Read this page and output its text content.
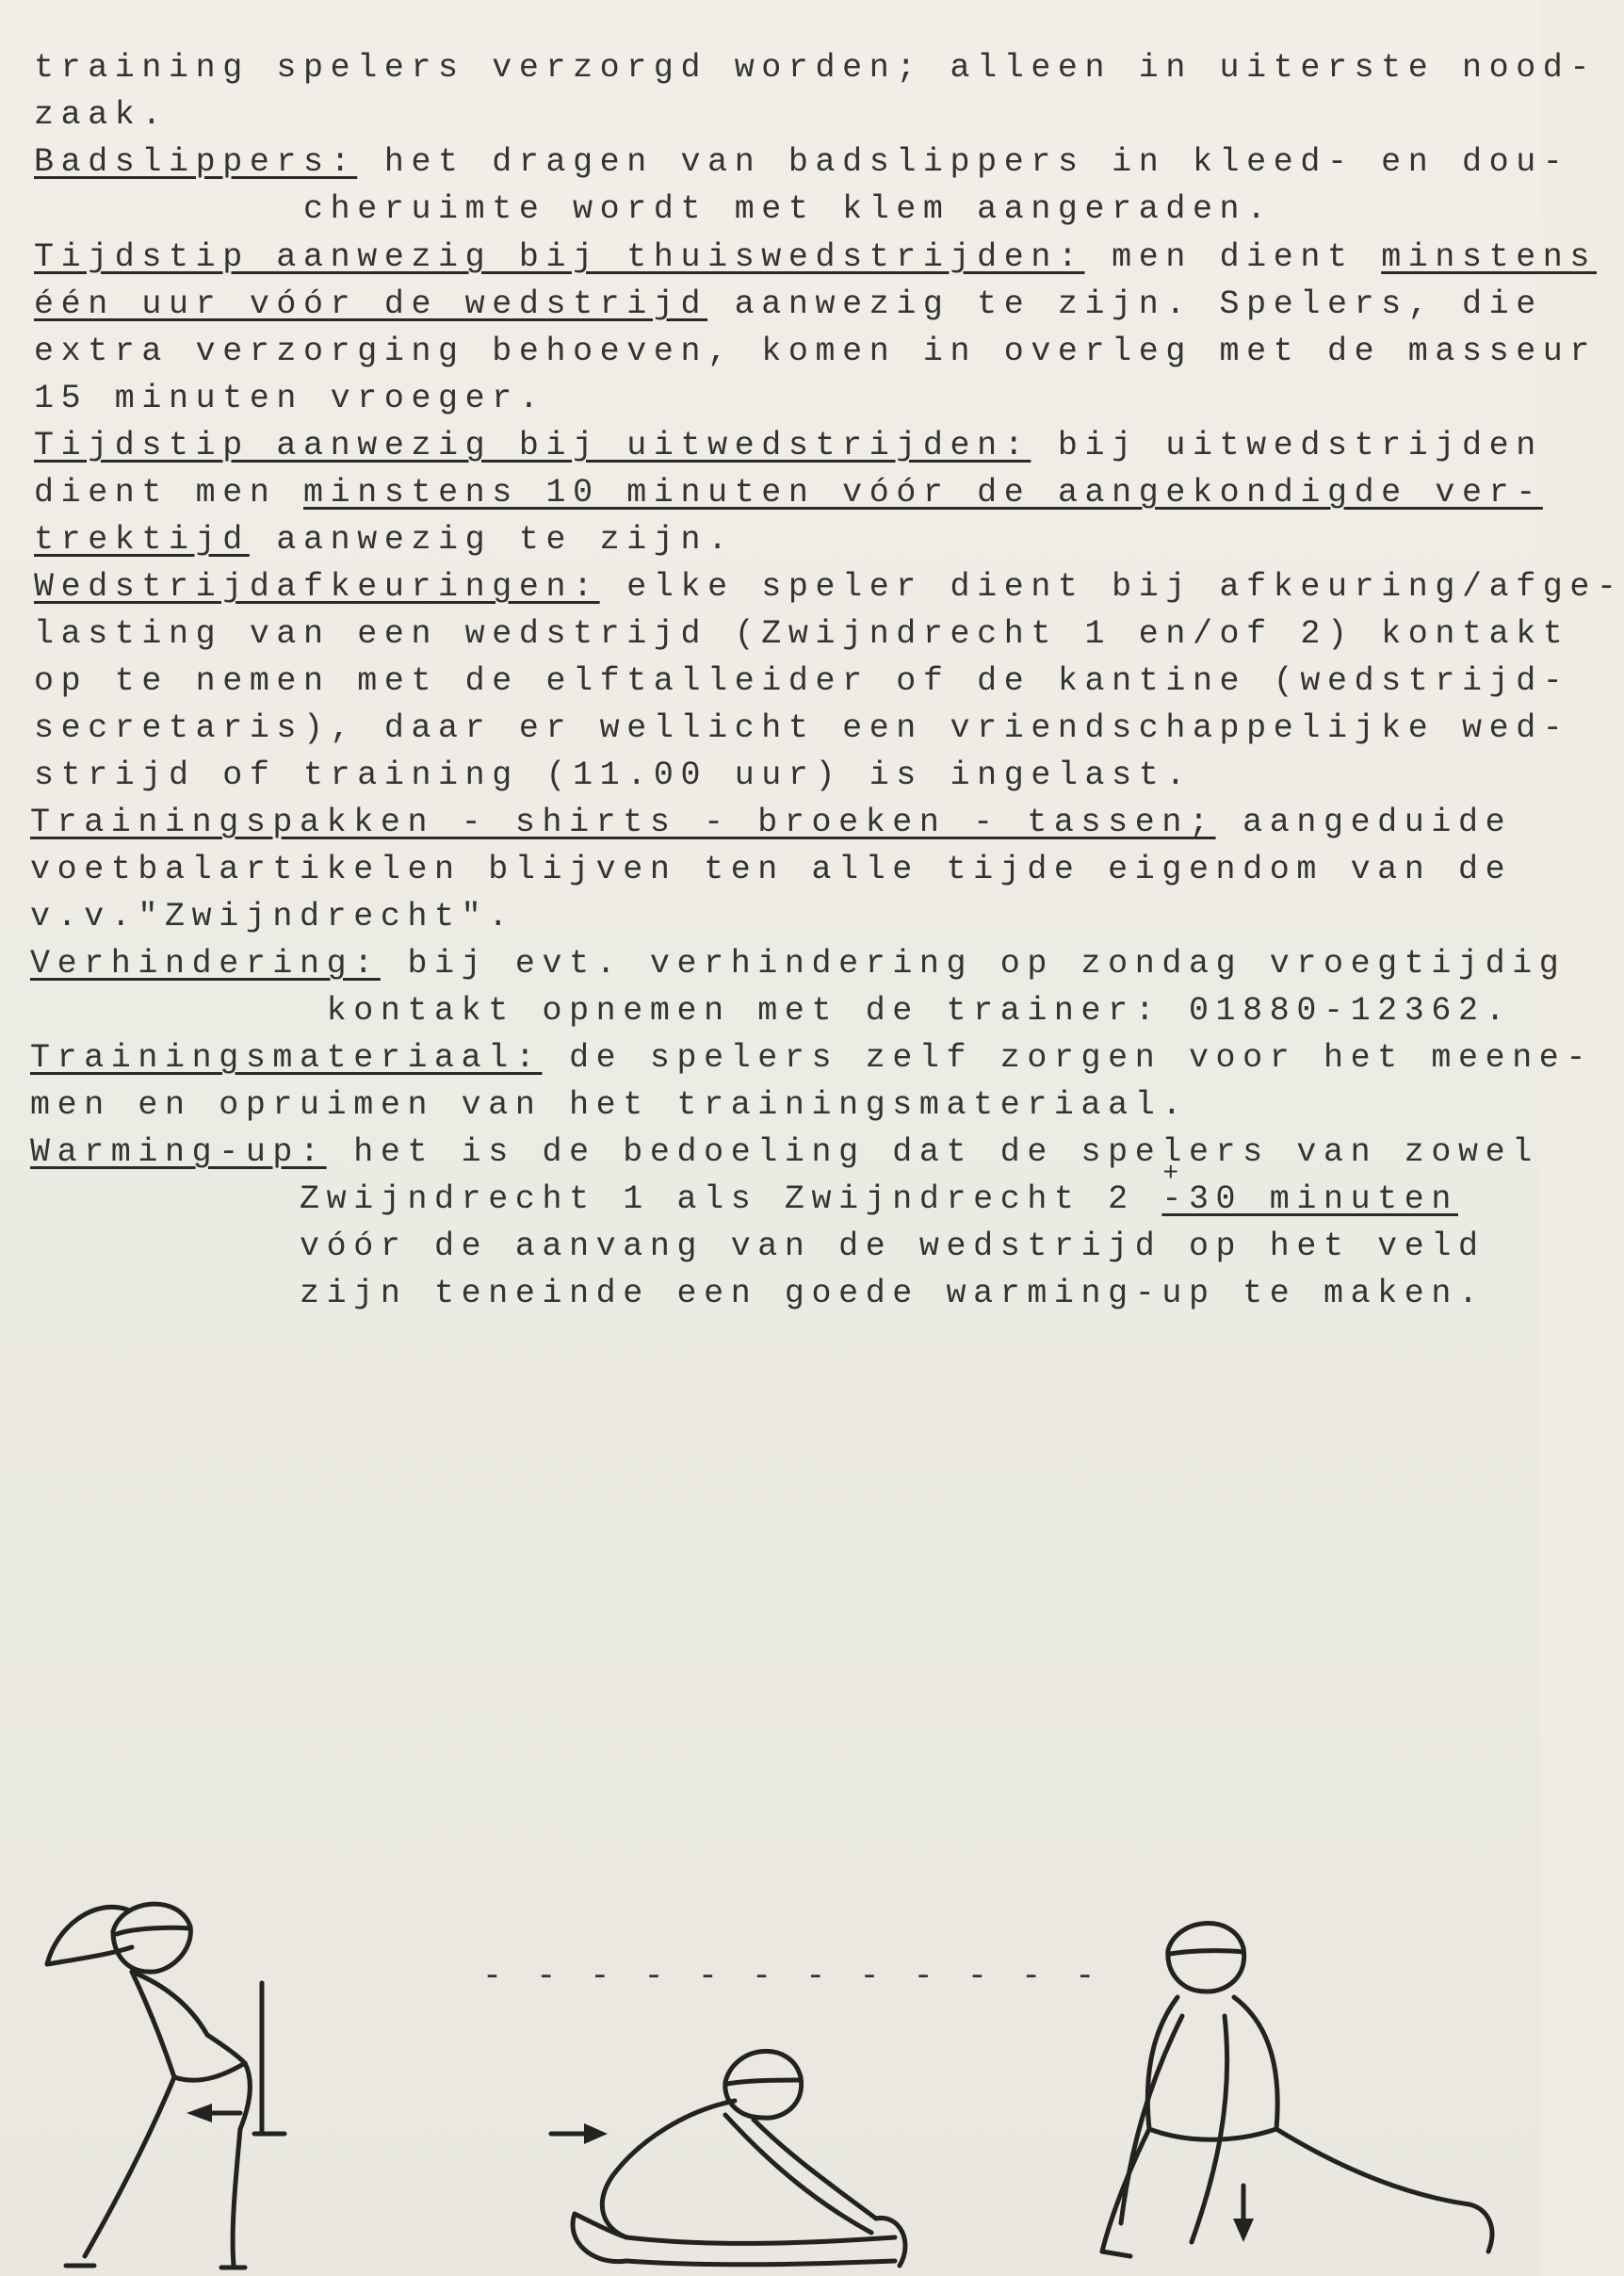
training spelers verzorgd worden; alleen in uiterste nood-
zaak.
Badslippers: het dragen van badslippers in kleed- en dou-
cheruimte wordt met klem aangeraden.
Tijdstip aanwezig bij thuiswedstrijden: men dient minstens
één uur vóór de wedstrijd aanwezig te zijn. Spelers, die
extra verzorging behoeven, komen in overleg met de masseur
15 minuten vroeger.
Tijdstip aanwezig bij uitwedstrijden: bij uitwedstrijden
dient men minstens 10 minuten vóór de aangekondigde ver-
trektijd aanwezig te zijn.
Wedstrijdafkeuringen: elke speler dient bij afkeuring/afge-
lasting van een wedstrijd (Zwijndrecht 1 en/of 2) kontakt
op te nemen met de elftalleider of de kantine (wedstrijd-
secretaris), daar er wellicht een vriendschappelijke wed-
strijd of training (11.00 uur) is ingelast.
Trainingspakken - shirts - broeken - tassen; aangeduide
voetbalartikelen blijven ten alle tijde eigendom van de
v.v."Zwijndrecht".
Verhindering: bij evt. verhindering op zondag vroegtijdig
kontakt opnemen met de trainer: 01880-12362.
Trainingsmateriaal: de spelers zelf zorgen voor het meene-
men en opruimen van het trainingsmateriaal.
Warming-up: het is de bedoeling dat de spelers van zowel
Zwijndrecht 1 als Zwijndrecht 2 + -30 minuten
vóór de aanvang van de wedstrijd op het veld
zijn teneinde een goede warming-up te maken.
- - - - - - - - - - - -
